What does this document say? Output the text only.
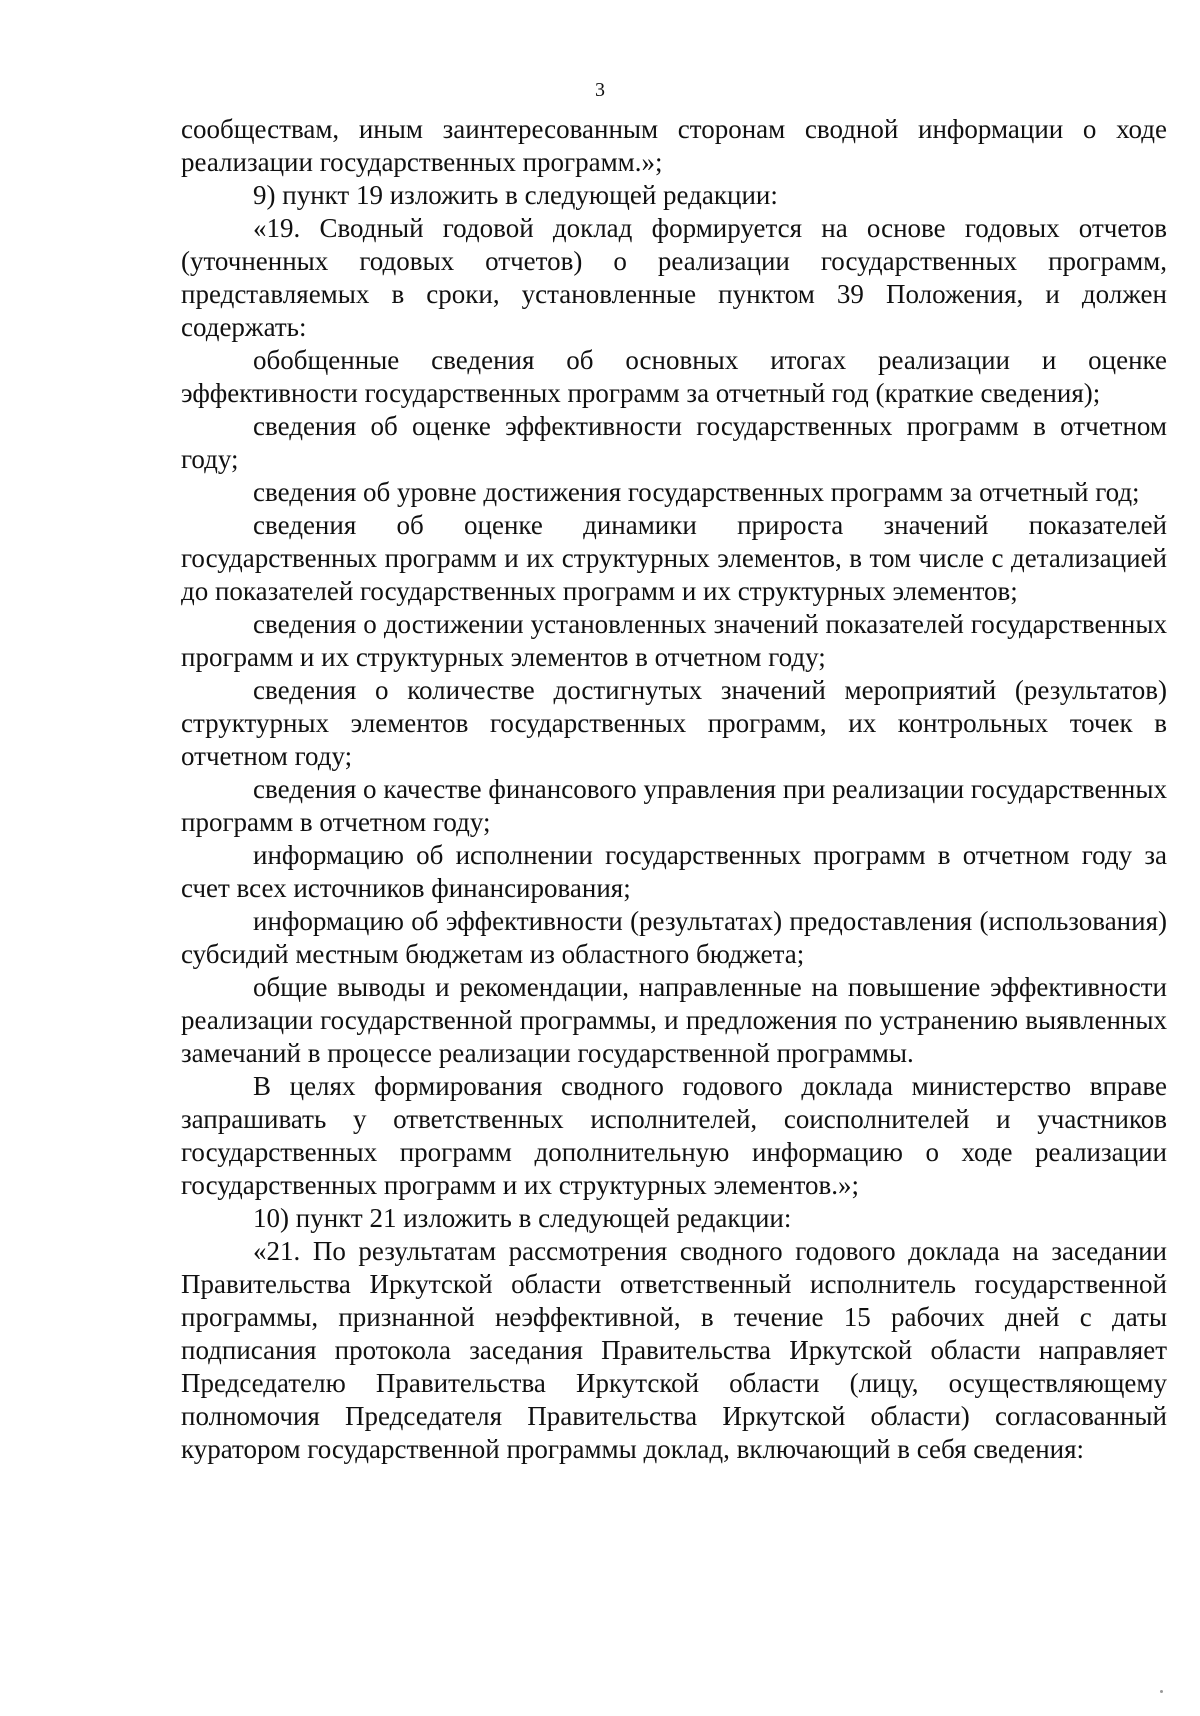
3

сообществам, иным заинтересованным сторонам сводной информации о ходе реализации государственных программ.»;

9) пункт 19 изложить в следующей редакции:

«19. Сводный годовой доклад формируется на основе годовых отчетов (уточненных годовых отчетов) о реализации государственных программ, представляемых в сроки, установленные пунктом 39 Положения, и должен содержать:

обобщенные сведения об основных итогах реализации и оценке эффективности государственных программ за отчетный год (краткие сведения);

сведения об оценке эффективности государственных программ в отчетном году;

сведения об уровне достижения государственных программ за отчетный год;

сведения об оценке динамики прироста значений показателей государственных программ и их структурных элементов, в том числе с детализацией до показателей государственных программ и их структурных элементов;

сведения о достижении установленных значений показателей государственных программ и их структурных элементов в отчетном году;

сведения о количестве достигнутых значений мероприятий (результатов) структурных элементов государственных программ, их контрольных точек в отчетном году;

сведения о качестве финансового управления при реализации государственных программ в отчетном году;

информацию об исполнении государственных программ в отчетном году за счет всех источников финансирования;

информацию об эффективности (результатах) предоставления (использования) субсидий местным бюджетам из областного бюджета;

общие выводы и рекомендации, направленные на повышение эффективности реализации государственной программы, и предложения по устранению выявленных замечаний в процессе реализации государственной программы.

В целях формирования сводного годового доклада министерство вправе запрашивать у ответственных исполнителей, соисполнителей и участников государственных программ дополнительную информацию о ходе реализации государственных программ и их структурных элементов.»;

10) пункт 21 изложить в следующей редакции:

«21. По результатам рассмотрения сводного годового доклада на заседании Правительства Иркутской области ответственный исполнитель государственной программы, признанной неэффективной, в течение 15 рабочих дней с даты подписания протокола заседания Правительства Иркутской области направляет Председателю Правительства Иркутской области (лицу, осуществляющему полномочия Председателя Правительства Иркутской области) согласованный куратором государственной программы доклад, включающий в себя сведения:
